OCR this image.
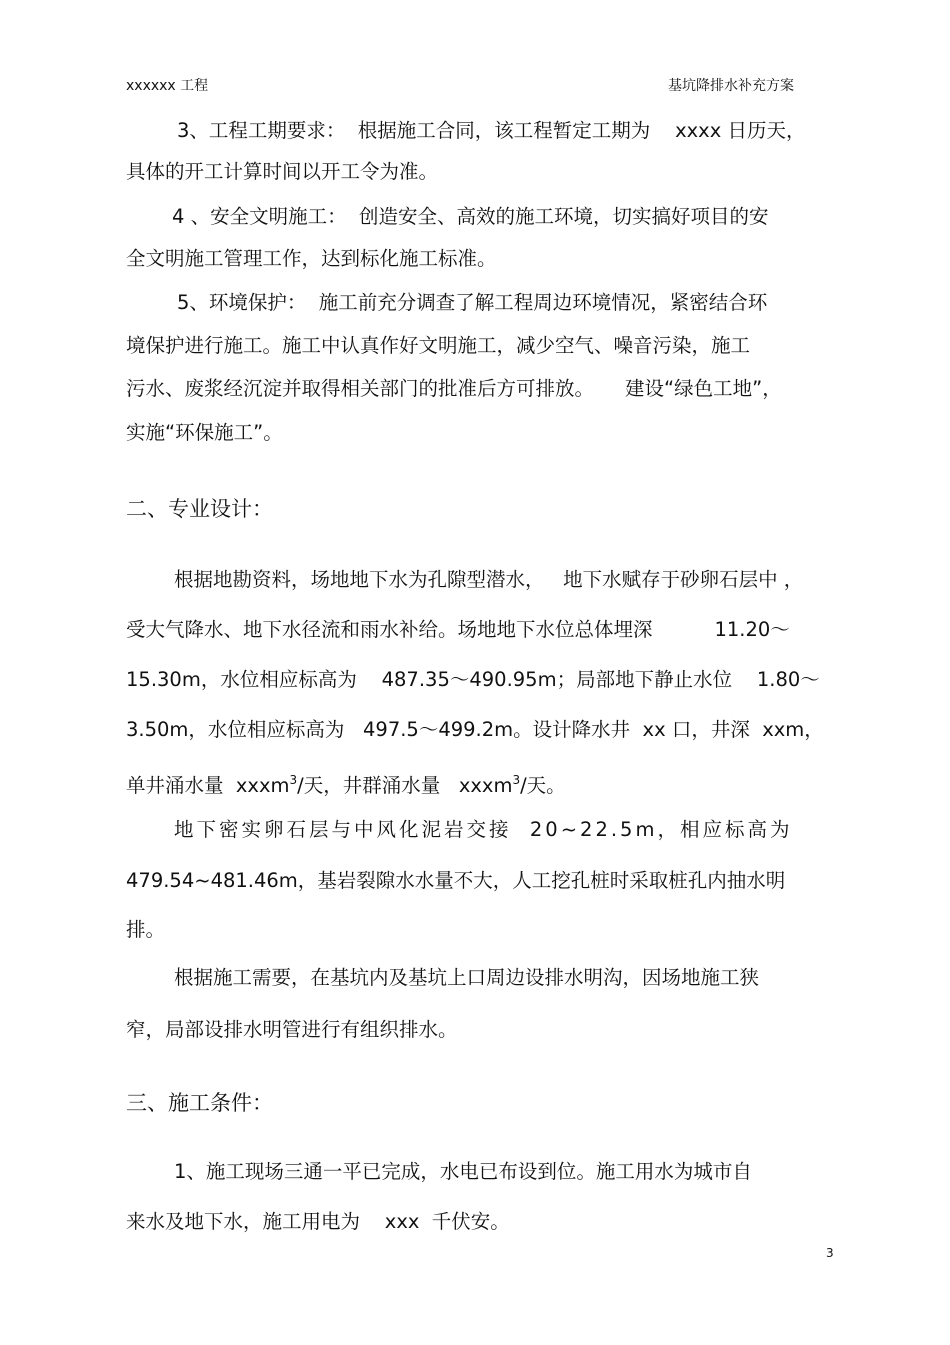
xxxxxx 工程	基坑降排水补充方案
3、工程工期要求：  根据施工合同，该工程暂定工期为    xxxx 日历天，
具体的开工计算时间以开工令为准。
4 、安全文明施工：  创造安全、高效的施工环境，切实搞好项目的安
全文明施工管理工作，达到标化施工标准。
5、环境保护：  施工前充分调查了解工程周边环境情况，紧密结合环
境保护进行施工。施工中认真作好文明施工，减少空气、噪音污染，施工
污水、废浆经沉淀并取得相关部门的批准后方可排放。     建设“绿色工地”，
实施“环保施工”。
二、专业设计：
根据地勘资料，场地地下水为孔隙型潜水，   地下水赋存于砂卵石层中 ，
受大气降水、地下水径流和雨水补给。场地地下水位总体埋深          11.20～
15.30m，水位相应标高为    487.35～490.95m；局部地下静止水位    1.80～
3.50m，水位相应标高为   497.5～499.2m。设计降水井  xx 口，井深  xxm，
单井涌水量  xxxm$^3$/天，井群涌水量   xxxm$^3$/天。
地下密实卵石层与中风化泥岩交接  20~22.5m，相应标高为
479.54~481.46m，基岩裂隙水水量不大，人工挖孔桩时采取桩孔内抽水明
排。
根据施工需要，在基坑内及基坑上口周边设排水明沟，因场地施工狭
窄，局部设排水明管进行有组织排水。
三、施工条件：
1、施工现场三通一平已完成，水电已布设到位。施工用水为城市自
来水及地下水，施工用电为    xxx  千伏安。
3
